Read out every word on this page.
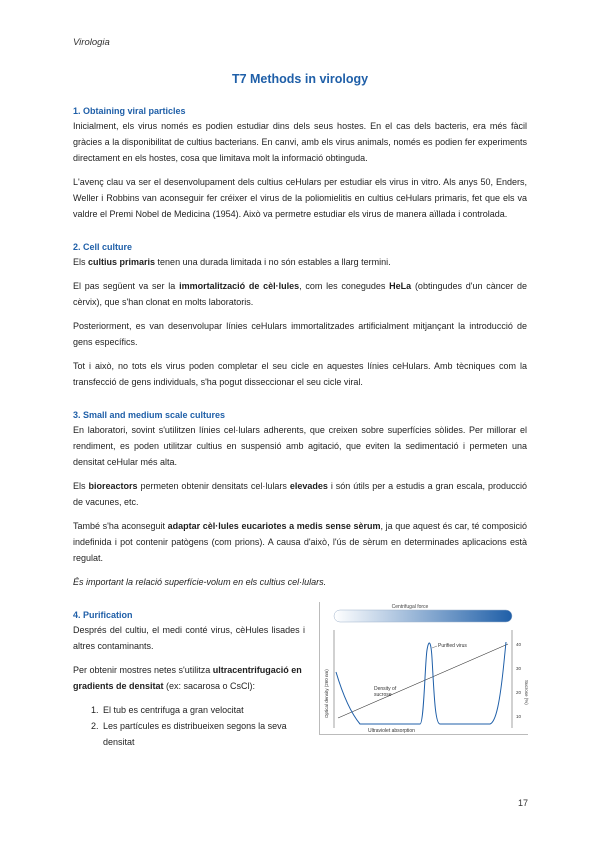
Virologia
T7 Methods in virology
1. Obtaining viral particles

Inicialment, els virus només es podien estudiar dins dels seus hostes. En el cas dels bacteris, era més fàcil gràcies a la disponibilitat de cultius bacterians. En canvi, amb els virus animals, només es podien fer experiments directament en els hostes, cosa que limitava molt la informació obtinguda.

L'avenç clau va ser el desenvolupament dels cultius ceHulars per estudiar els virus in vitro. Als anys 50, Enders, Weller i Robbins van aconseguir fer créixer el virus de la poliomielitis en cultius ceHulars primaris, fet que els va valdre el Premi Nobel de Medicina (1954). Això va permetre estudiar els virus de manera aïllada i controlada.

2. Cell culture

Els cultius primaris tenen una durada limitada i no són estables a llarg termini.

El pas següent va ser la immortalització de cèl·lules, com les conegudes HeLa (obtingudes d'un càncer de cèrvix), que s'han clonat en molts laboratoris.

Posteriorment, es van desenvolupar línies ceHulars immortalitzades artificialment mitjançant la introducció de gens específics.

Tot i això, no tots els virus poden completar el seu cicle en aquestes línies ceHulars. Amb tècniques com la transfecció de gens individuals, s'ha pogut disseccionar el seu cicle viral.

3. Small and medium scale cultures

En laboratori, sovint s'utilitzen línies cel·lulars adherents, que creixen sobre superfícies sòlides. Per millorar el rendiment, es poden utilitzar cultius en suspensió amb agitació, que eviten la sedimentació i permeten una densitat ceHular més alta.

Els bioreactors permeten obtenir densitats cel·lulars elevades i són útils per a estudis a gran escala, producció de vacunes, etc.

També s'ha aconseguit adaptar cèl·lules eucariotes a medis sense sèrum, ja que aquest és car, té composició indefinida i pot contenir patògens (com prions). A causa d'això, l'ús de sèrum en determinades aplicacions està regulat.

És important la relació superfície-volum en els cultius cel·lulars.

4. Purification

Després del cultiu, el medi conté virus, cèHules lisades i altres contaminants.

Per obtenir mostres netes s'utilitza ultracentrifugació en gradients de densitat (ex: sacarosa o CsCl):

1. El tub es centrifuga a gran velocitat
2. Les partícules es distribueixen segons la seva densitat
Centrifugal force
Purified virus
Density of
sucrose
Ultraviolet absorption
Optical density (260 nm)	Sucrose (%)
40
30
20
10
17
